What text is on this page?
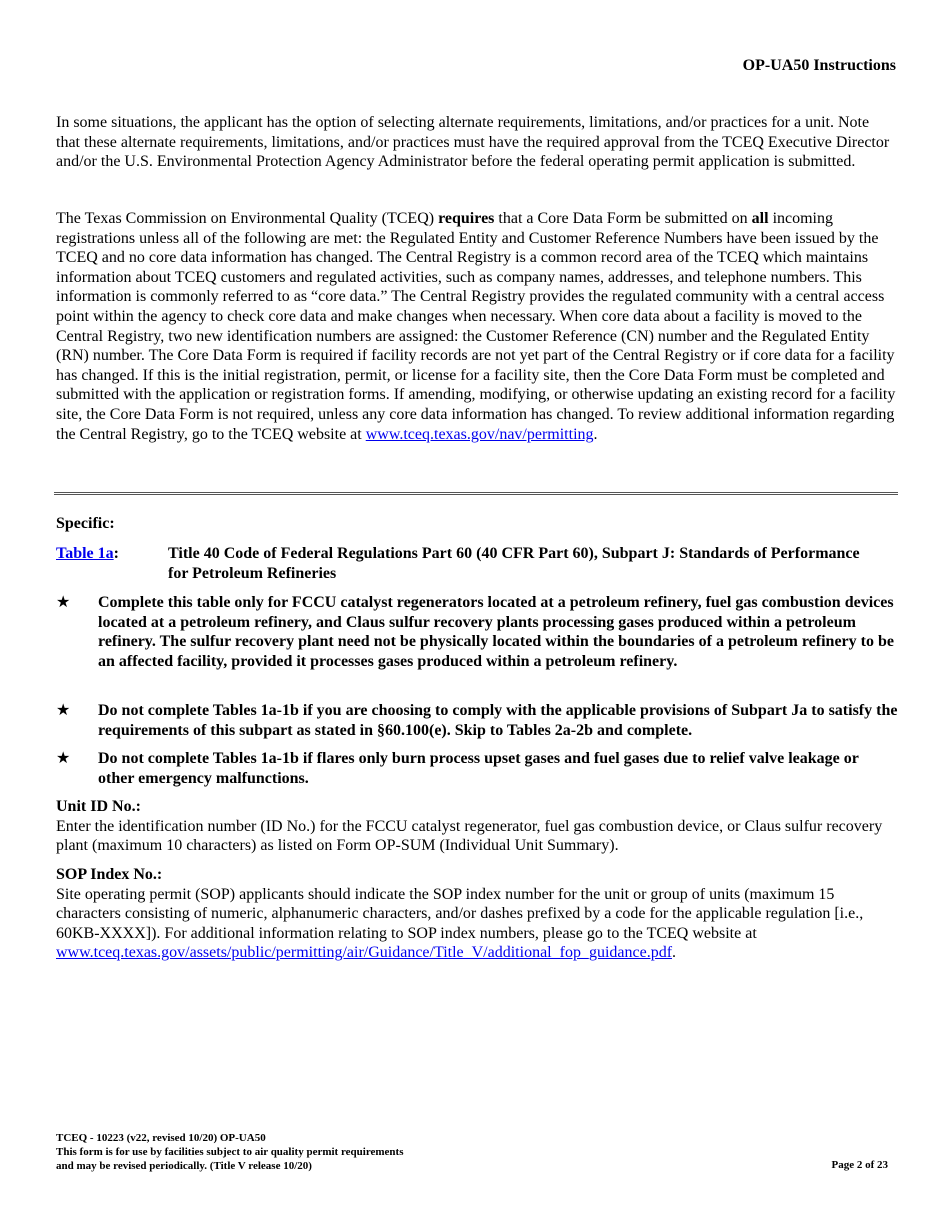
OP-UA50 Instructions

In some situations, the applicant has the option of selecting alternate requirements, limitations, and/or practices for a unit. Note that these alternate requirements, limitations, and/or practices must have the required approval from the TCEQ Executive Director and/or the U.S. Environmental Protection Agency Administrator before the federal operating permit application is submitted.

The Texas Commission on Environmental Quality (TCEQ) requires that a Core Data Form be submitted on all incoming registrations unless all of the following are met: the Regulated Entity and Customer Reference Numbers have been issued by the TCEQ and no core data information has changed. The Central Registry is a common record area of the TCEQ which maintains information about TCEQ customers and regulated activities, such as company names, addresses, and telephone numbers. This information is commonly referred to as “core data.” The Central Registry provides the regulated community with a central access point within the agency to check core data and make changes when necessary. When core data about a facility is moved to the Central Registry, two new identification numbers are assigned: the Customer Reference (CN) number and the Regulated Entity (RN) number. The Core Data Form is required if facility records are not yet part of the Central Registry or if core data for a facility has changed. If this is the initial registration, permit, or license for a facility site, then the Core Data Form must be completed and submitted with the application or registration forms. If amending, modifying, or otherwise updating an existing record for a facility site, the Core Data Form is not required, unless any core data information has changed. To review additional information regarding the Central Registry, go to the TCEQ website at www.tceq.texas.gov/nav/permitting.

Specific:
Table 1a:	Title 40 Code of Federal Regulations Part 60 (40 CFR Part 60), Subpart J: Standards of Performance for Petroleum Refineries
★	Complete this table only for FCCU catalyst regenerators located at a petroleum refinery, fuel gas combustion devices located at a petroleum refinery, and Claus sulfur recovery plants processing gases produced within a petroleum refinery. The sulfur recovery plant need not be physically located within the boundaries of a petroleum refinery to be an affected facility, provided it processes gases produced within a petroleum refinery.
★	Do not complete Tables 1a-1b if you are choosing to comply with the applicable provisions of Subpart Ja to satisfy the requirements of this subpart as stated in §60.100(e). Skip to Tables 2a-2b and complete.
★	Do not complete Tables 1a-1b if flares only burn process upset gases and fuel gases due to relief valve leakage or other emergency malfunctions.
Unit ID No.:

Enter the identification number (ID No.) for the FCCU catalyst regenerator, fuel gas combustion device, or Claus sulfur recovery plant (maximum 10 characters) as listed on Form OP-SUM (Individual Unit Summary).

SOP Index No.:

Site operating permit (SOP) applicants should indicate the SOP index number for the unit or group of units (maximum 15 characters consisting of numeric, alphanumeric characters, and/or dashes prefixed by a code for the applicable regulation [i.e., 60KB-XXXX]). For additional information relating to SOP index numbers, please go to the TCEQ website at www.tceq.texas.gov/assets/public/permitting/air/Guidance/Title_V/additional_fop_guidance.pdf.

TCEQ - 10223 (v22, revised 10/20) OP-UA50
This form is for use by facilities subject to air quality permit requirements
and may be revised periodically. (Title V release 10/20)	Page 2 of 23
